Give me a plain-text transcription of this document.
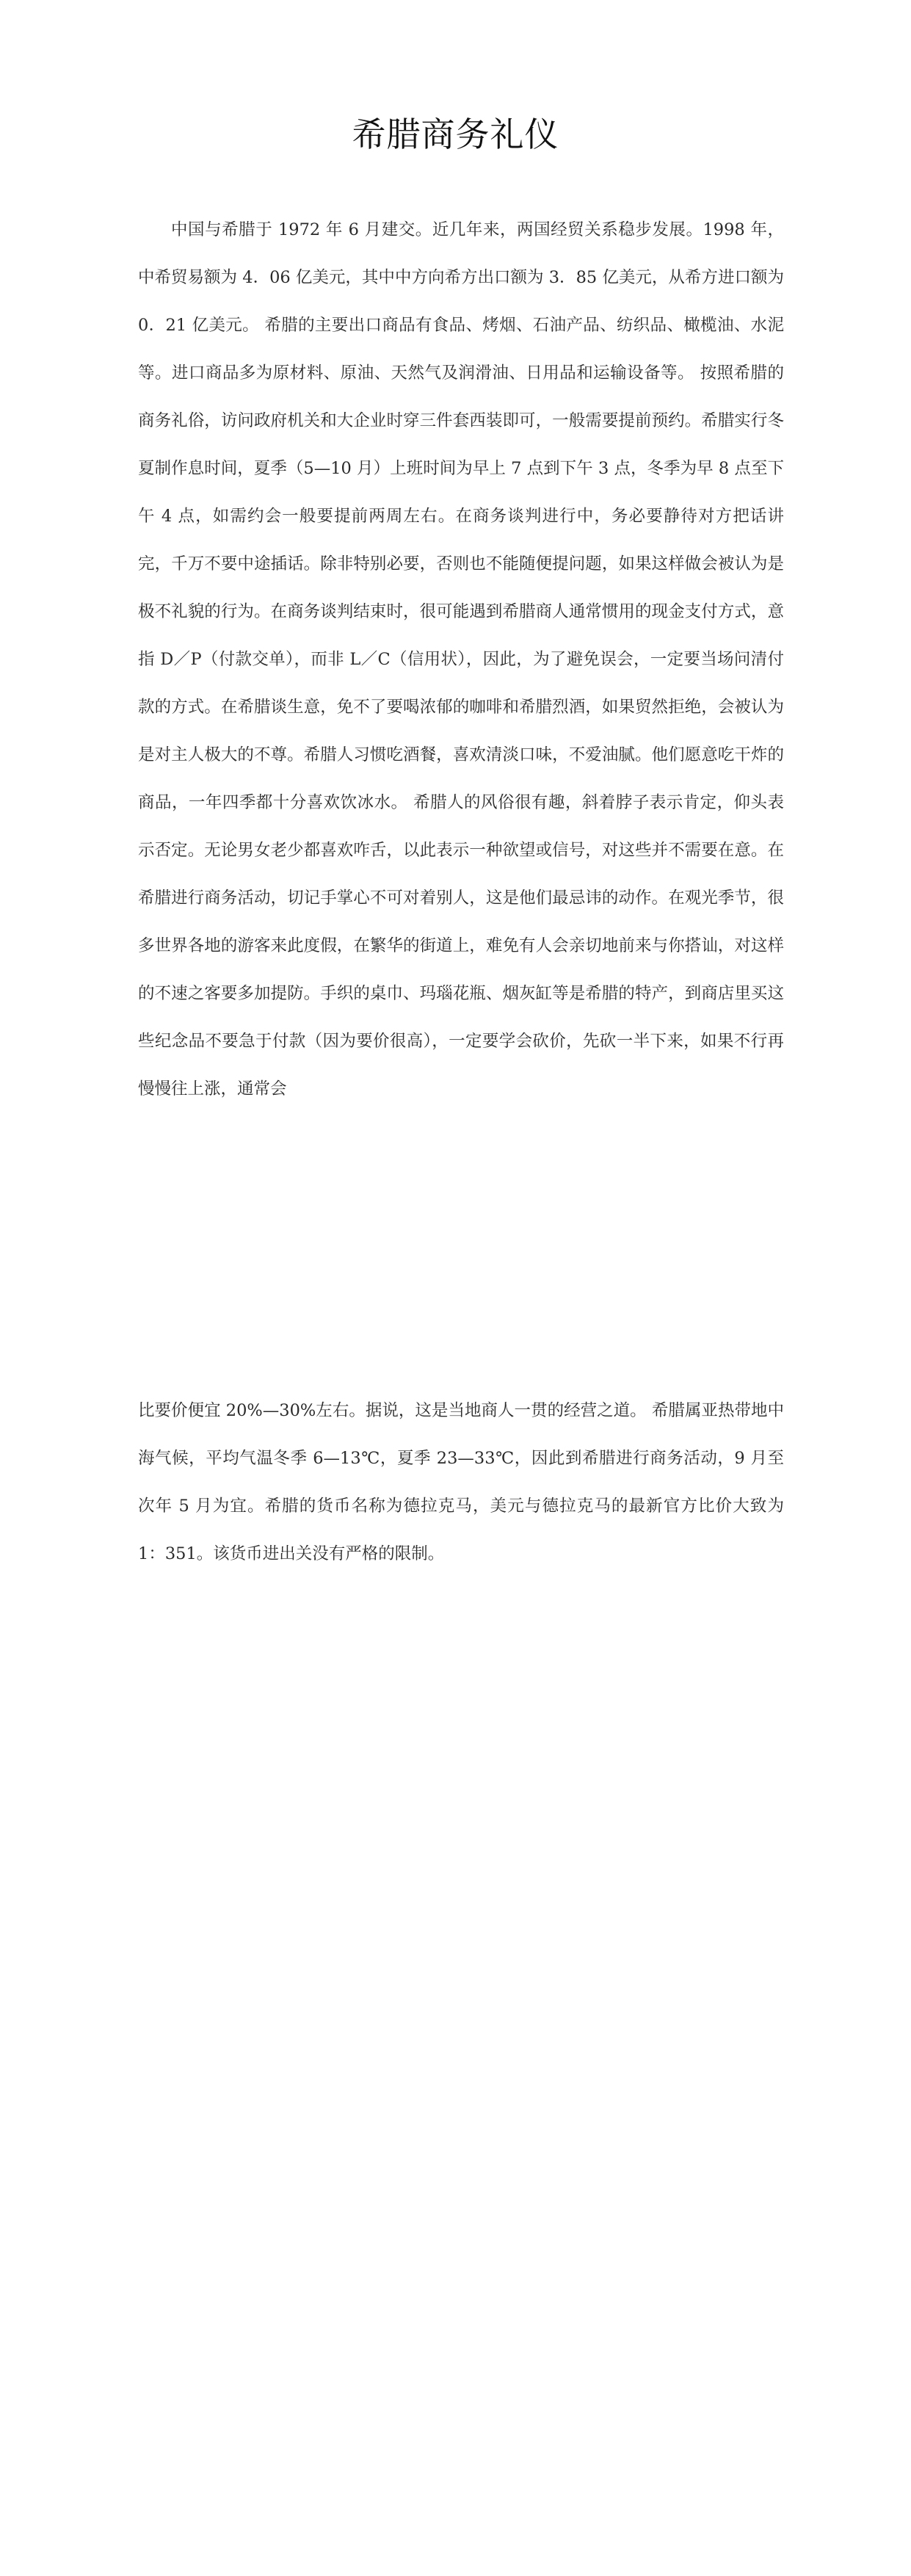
希腊商务礼仪

中国与希腊于 1972 年 6 月建交。近几年来，两国经贸关系稳步发展。1998 年，中希贸易额为 4．06 亿美元，其中中方向希方出口额为 3．85 亿美元，从希方进口额为 0．21 亿美元。 希腊的主要出口商品有食品、烤烟、石油产品、纺织品、橄榄油、水泥等。进口商品多为原材料、原油、天然气及润滑油、日用品和运输设备等。 按照希腊的商务礼俗，访问政府机关和大企业时穿三件套西装即可，一般需要提前预约。希腊实行冬夏制作息时间，夏季（5—10 月）上班时间为早上 7 点到下午 3 点，冬季为早 8 点至下午 4 点，如需约会一般要提前两周左右。在商务谈判进行中，务必要静待对方把话讲完，千万不要中途插话。除非特别必要，否则也不能随便提问题，如果这样做会被认为是极不礼貌的行为。在商务谈判结束时，很可能遇到希腊商人通常惯用的现金支付方式，意指 D／P（付款交单），而非 L／C（信用状），因此，为了避免误会，一定要当场问清付款的方式。在希腊谈生意，免不了要喝浓郁的咖啡和希腊烈酒，如果贸然拒绝，会被认为是对主人极大的不尊。希腊人习惯吃酒餐，喜欢清淡口味，不爱油腻。他们愿意吃干炸的商品，一年四季都十分喜欢饮冰水。 希腊人的风俗很有趣，斜着脖子表示肯定，仰头表示否定。无论男女老少都喜欢咋舌，以此表示一种欲望或信号，对这些并不需要在意。在希腊进行商务活动，切记手掌心不可对着别人，这是他们最忌讳的动作。在观光季节，很多世界各地的游客来此度假，在繁华的街道上，难免有人会亲切地前来与你搭讪，对这样的不速之客要多加提防。手织的桌巾、玛瑙花瓶、烟灰缸等是希腊的特产，到商店里买这些纪念品不要急于付款（因为要价很高），一定要学会砍价，先砍一半下来，如果不行再慢慢往上涨，通常会

比要价便宜 20%—30%左右。据说，这是当地商人一贯的经营之道。 希腊属亚热带地中海气候，平均气温冬季 6—13℃，夏季 23—33℃，因此到希腊进行商务活动，9 月至次年 5 月为宜。希腊的货币名称为德拉克马，美元与德拉克马的最新官方比价大致为 1：351。该货币进出关没有严格的限制。
